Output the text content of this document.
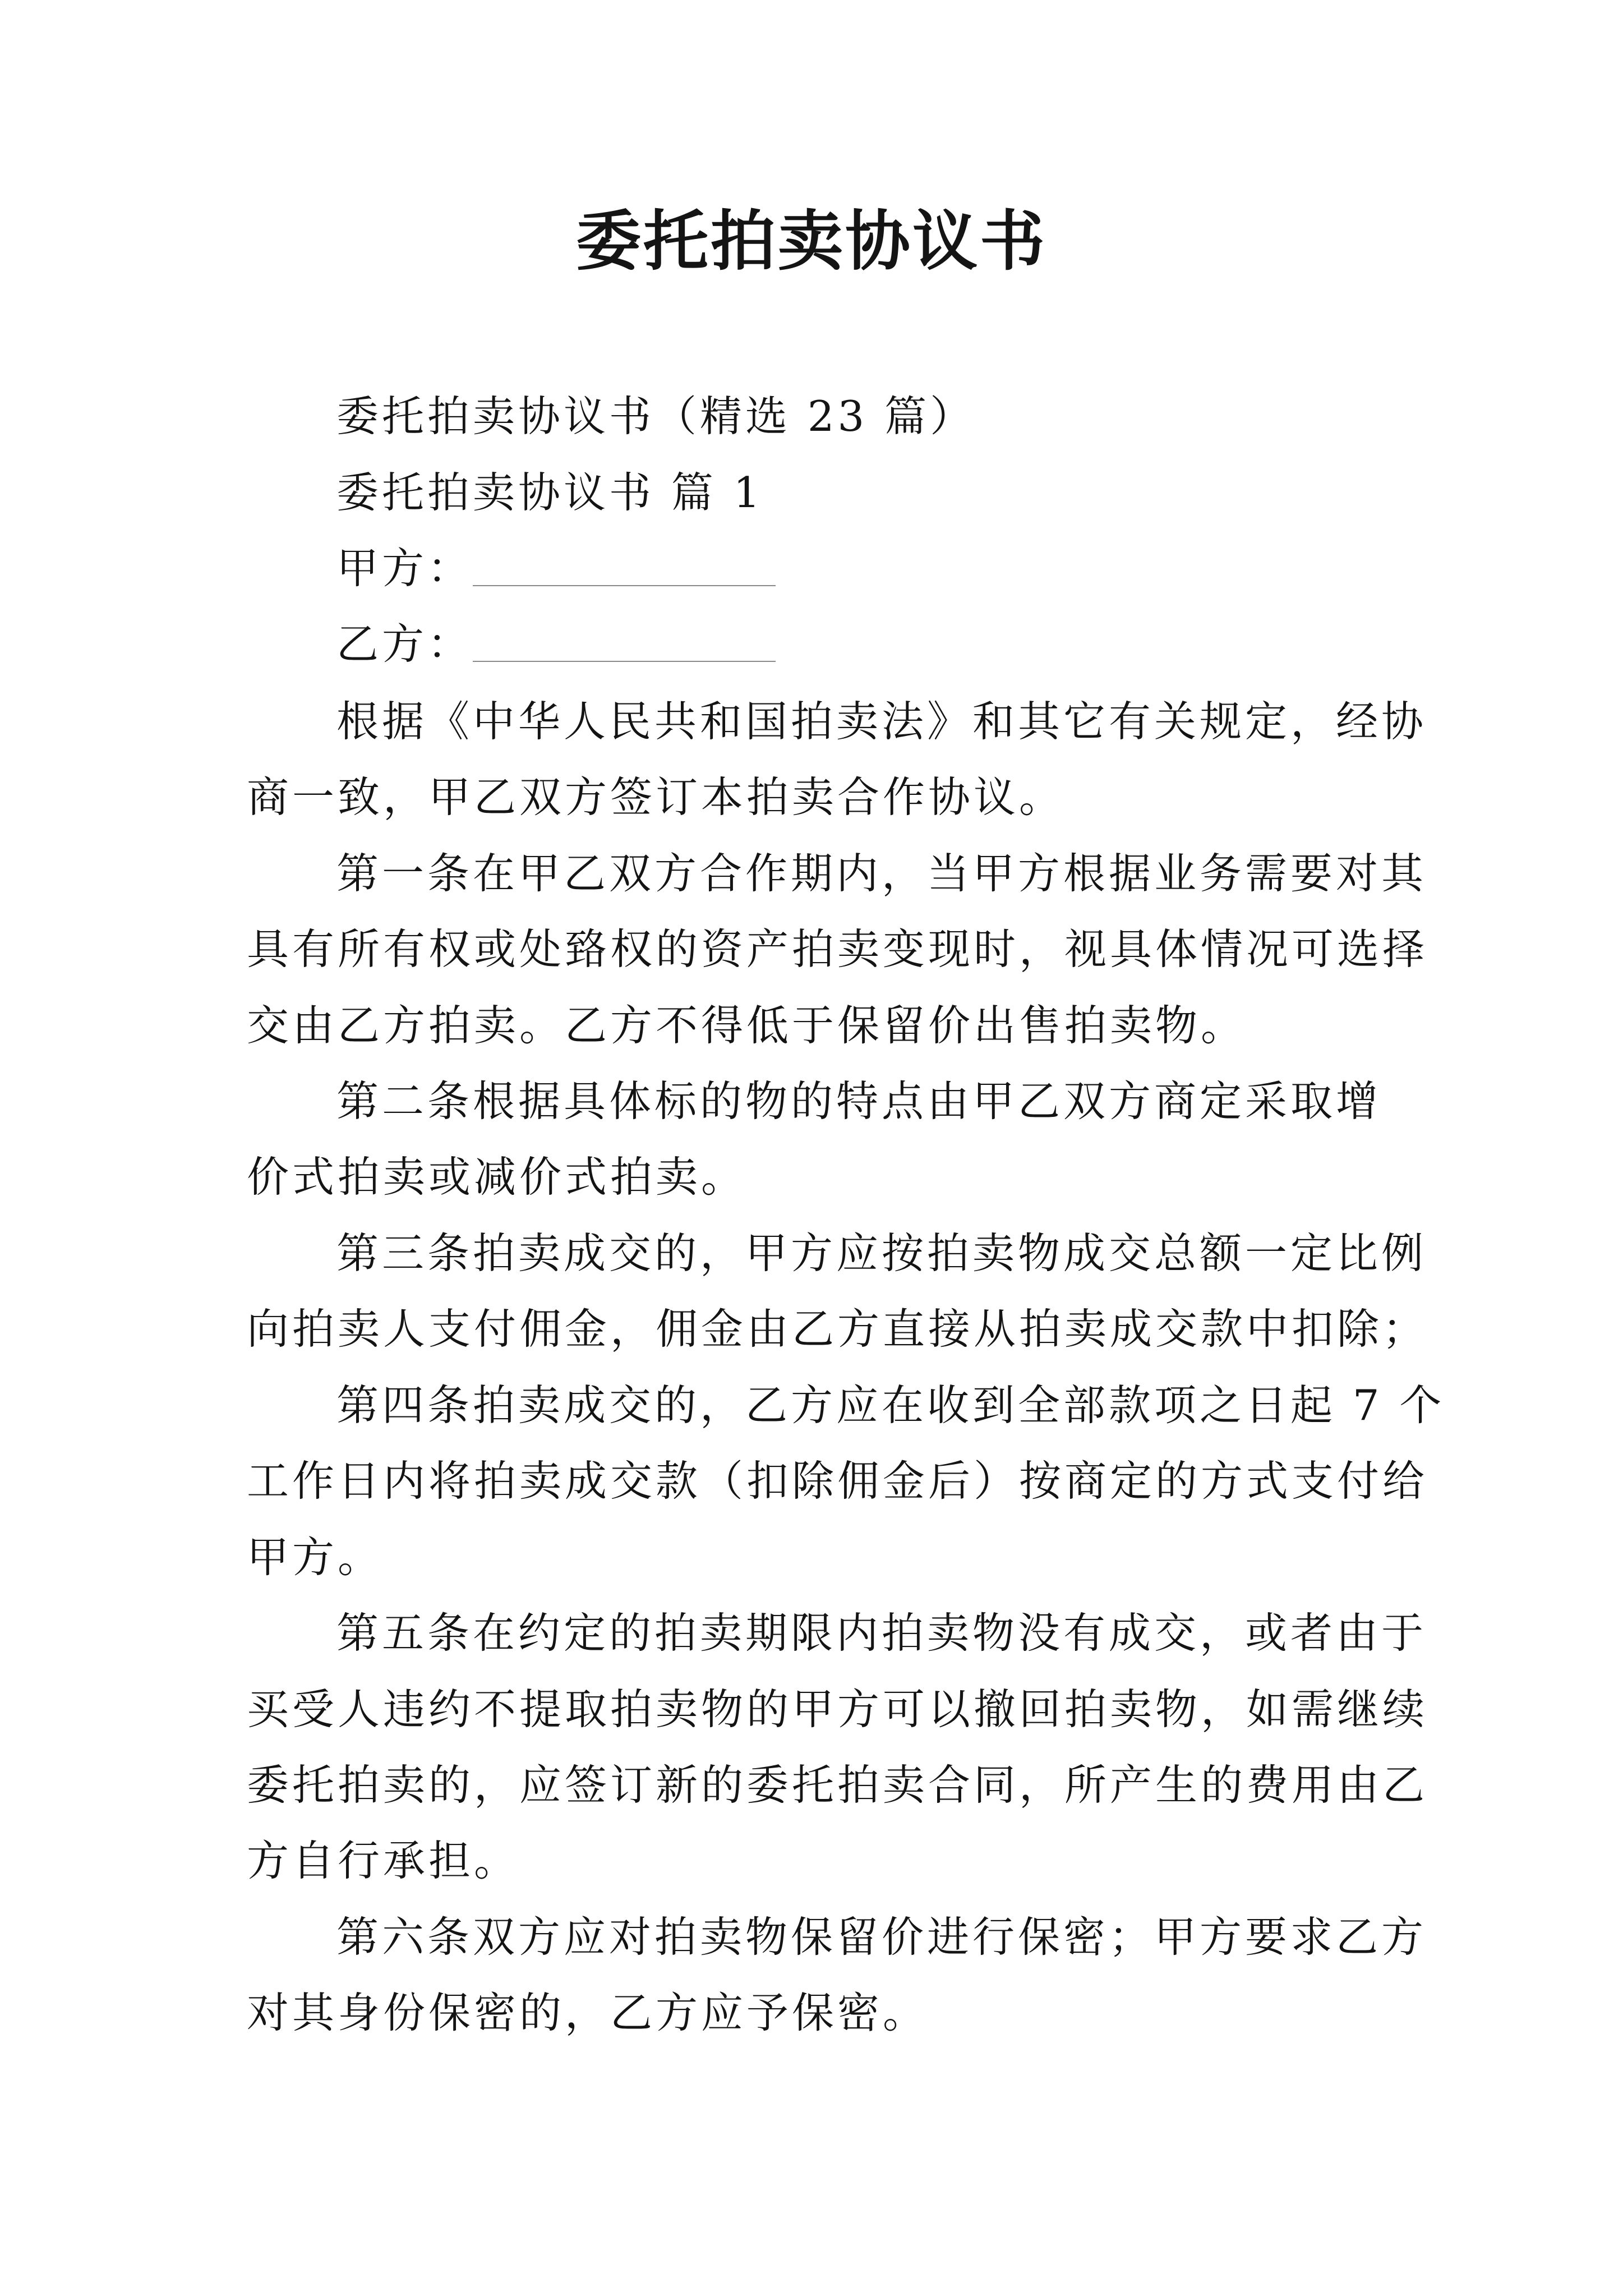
委托拍卖协议书
委托拍卖协议书（精选 23 篇）
委托拍卖协议书 篇 1
甲方：
乙方：
根据《中华人民共和国拍卖法》和其它有关规定，经协
商一致，甲乙双方签订本拍卖合作协议。
第一条在甲乙双方合作期内，当甲方根据业务需要对其
具有所有权或处臵权的资产拍卖变现时，视具体情况可选择
交由乙方拍卖。乙方不得低于保留价出售拍卖物。
第二条根据具体标的物的特点由甲乙双方商定采取增
价式拍卖或减价式拍卖。
第三条拍卖成交的，甲方应按拍卖物成交总额一定比例
向拍卖人支付佣金，佣金由乙方直接从拍卖成交款中扣除；
第四条拍卖成交的，乙方应在收到全部款项之日起 7 个
工作日内将拍卖成交款（扣除佣金后）按商定的方式支付给
甲方。
第五条在约定的拍卖期限内拍卖物没有成交，或者由于
买受人违约不提取拍卖物的甲方可以撤回拍卖物，如需继续
委托拍卖的，应签订新的委托拍卖合同，所产生的费用由乙
方自行承担。
第六条双方应对拍卖物保留价进行保密；甲方要求乙方
对其身份保密的，乙方应予保密。
